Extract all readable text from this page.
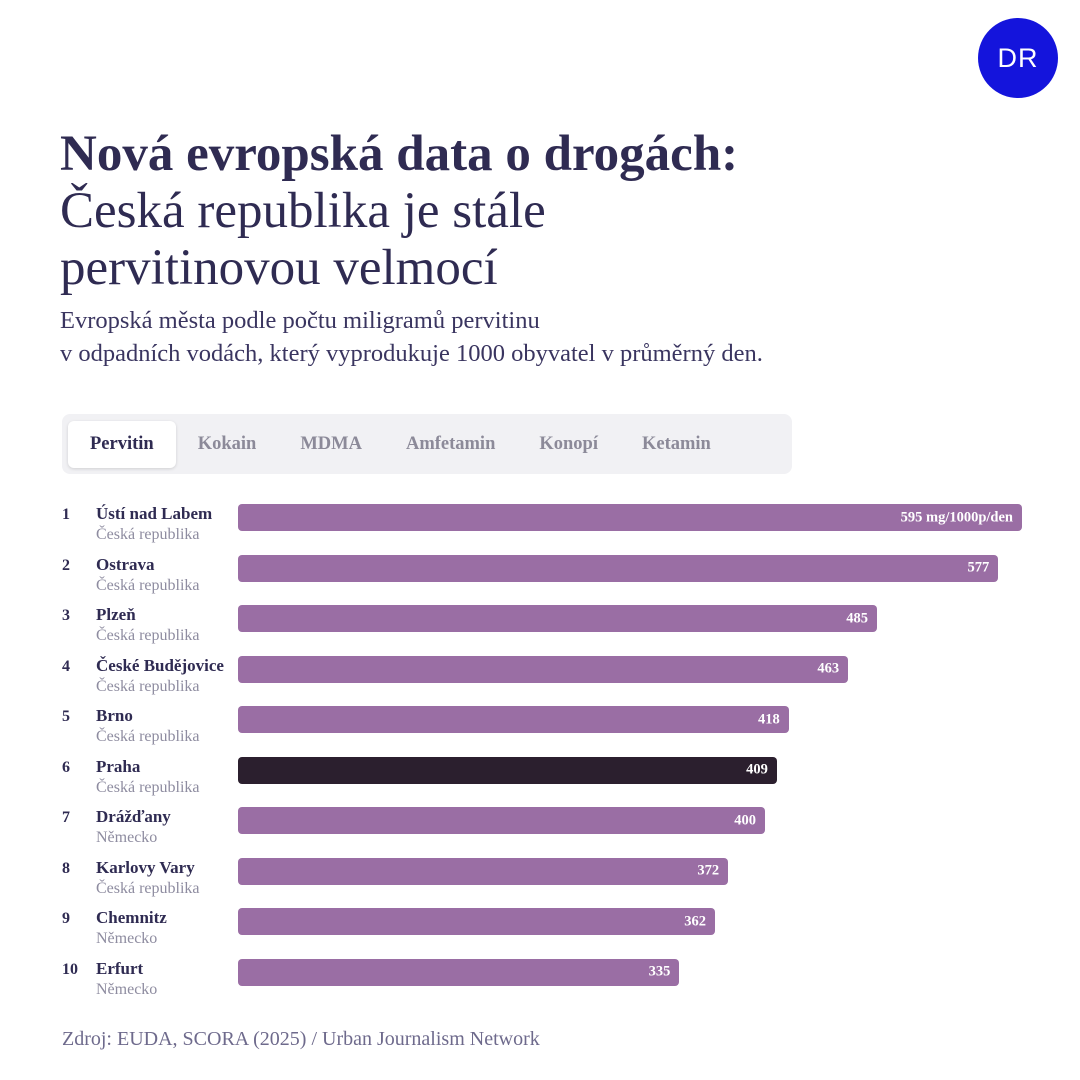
DR
Nová evropská data o drogách:
Česká republika je stále
pervitinovou velmocí
Evropská města podle počtu miligramů pervitinu
v odpadních vodách, který vyprodukuje 1000 obyvatel v průměrný den.
Pervitin	Kokain	MDMA	Amfetamin	Konopí	Ketamin
1	Ústí nad Labem
Česká republika
595 mg/1000p/den
2	Ostrava
Česká republika
577
3	Plzeň
Česká republika
485
4	České Budějovice
Česká republika
463
5	Brno
Česká republika
418
6	Praha
Česká republika
409
7	Drážďany
Německo
400
8	Karlovy Vary
Česká republika
372
9	Chemnitz
Německo
362
10	Erfurt
Německo
335
Zdroj: EUDA, SCORA (2025) / Urban Journalism Network
